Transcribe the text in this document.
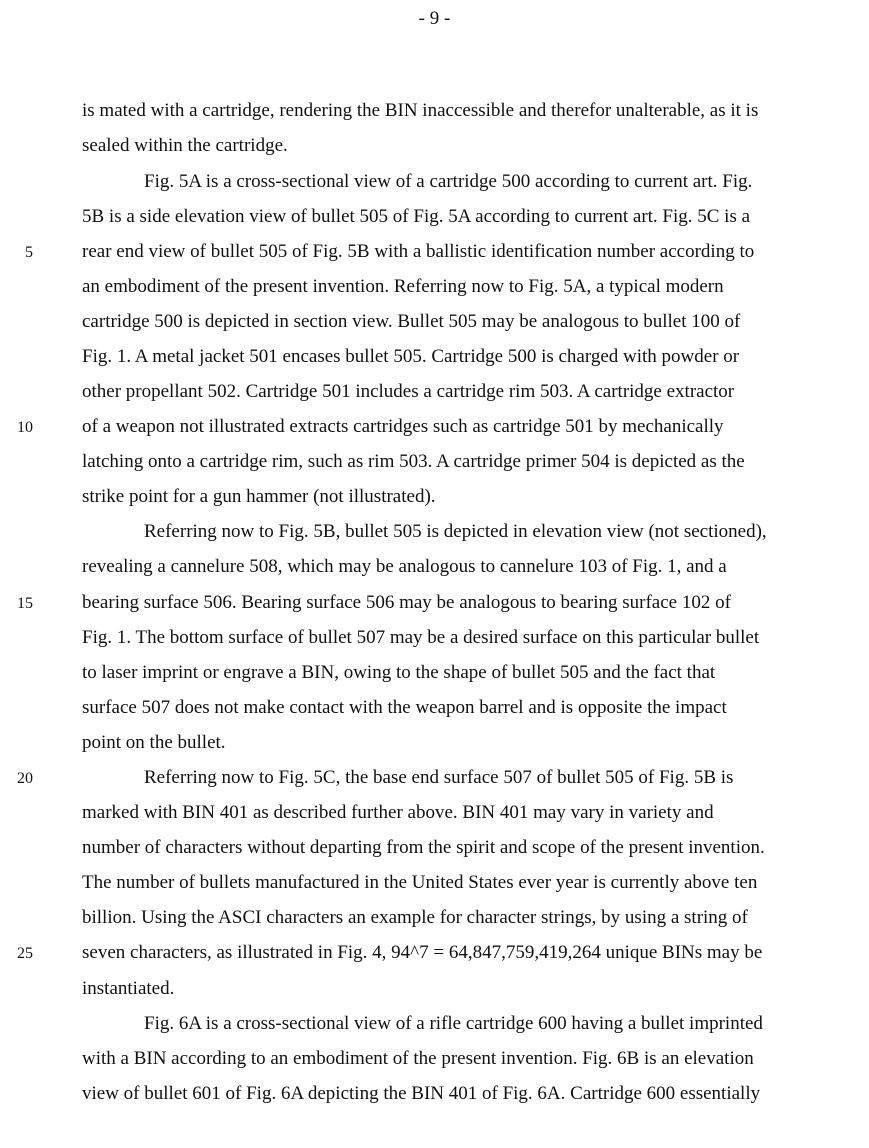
- 9 -
is mated with a cartridge, rendering the BIN inaccessible and therefor unalterable, as it is
sealed within the cartridge.
Fig. 5A is a cross-sectional view of a cartridge 500 according to current art. Fig.
5B is a side elevation view of bullet 505 of Fig. 5A according to current art. Fig. 5C is a
rear end view of bullet 505 of Fig. 5B with a ballistic identification number according to
an embodiment of the present invention. Referring now to Fig. 5A, a typical modern
cartridge 500 is depicted in section view. Bullet 505 may be analogous to bullet 100 of
Fig. 1. A metal jacket 501 encases bullet 505. Cartridge 500 is charged with powder or
other propellant 502. Cartridge 501 includes a cartridge rim 503. A cartridge extractor
of a weapon not illustrated extracts cartridges such as cartridge 501 by mechanically
latching onto a cartridge rim, such as rim 503. A cartridge primer 504 is depicted as the
strike point for a gun hammer (not illustrated).
Referring now to Fig. 5B, bullet 505 is depicted in elevation view (not sectioned),
revealing a cannelure 508, which may be analogous to cannelure 103 of Fig. 1, and a
bearing surface 506. Bearing surface 506 may be analogous to bearing surface 102 of
Fig. 1. The bottom surface of bullet 507 may be a desired surface on this particular bullet
to laser imprint or engrave a BIN, owing to the shape of bullet 505 and the fact that
surface 507 does not make contact with the weapon barrel and is opposite the impact
point on the bullet.
Referring now to Fig. 5C, the base end surface 507 of bullet 505 of Fig. 5B is
marked with BIN 401 as described further above. BIN 401 may vary in variety and
number of characters without departing from the spirit and scope of the present invention.
The number of bullets manufactured in the United States ever year is currently above ten
billion. Using the ASCI characters an example for character strings, by using a string of
seven characters, as illustrated in Fig. 4, 94^7 = 64,847,759,419,264 unique BINs may be
instantiated.
Fig. 6A is a cross-sectional view of a rifle cartridge 600 having a bullet imprinted
with a BIN according to an embodiment of the present invention. Fig. 6B is an elevation
view of bullet 601 of Fig. 6A depicting the BIN 401 of Fig. 6A. Cartridge 600 essentially
5
10
15
20
25
